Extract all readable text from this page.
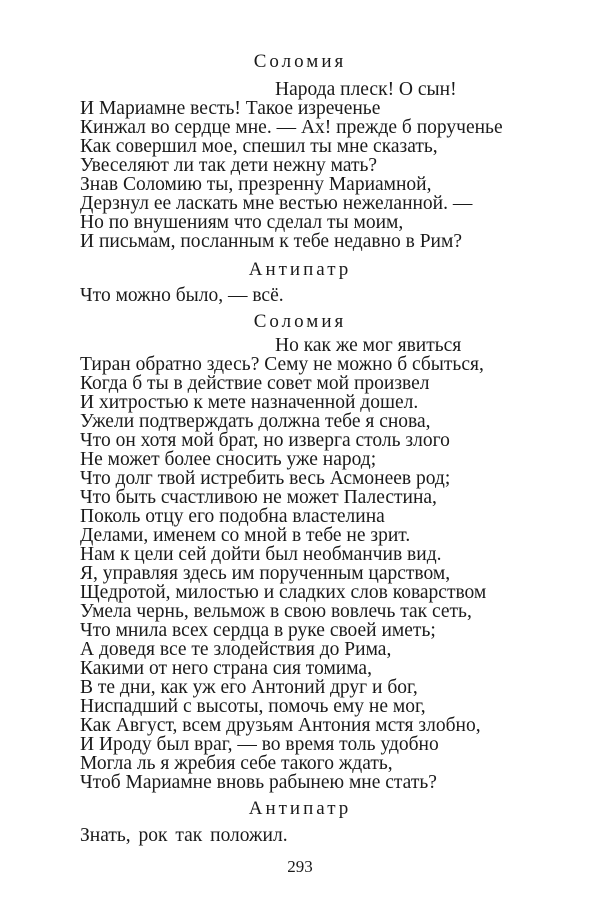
Соломия
Народа плеск! О сын!
И Мариамне весть! Такое изреченье
Кинжал во сердце мне. — Ах! прежде б порученье
Как совершил мое, спешил ты мне сказать,
Увеселяют ли так дети нежну мать?
Знав Соломию ты, презренну Мариамной,
Дерзнул ее ласкать мне вестью нежеланной. —
Но по внушениям что сделал ты моим,
И письмам, посланным к тебе недавно в Рим?
Антипатр
Что можно было, — всё.
Соломия
Но как же мог явиться
Тиран обратно здесь? Сему не можно б сбыться,
Когда б ты в действие совет мой произвел
И хитростью к мете назначенной дошел.
Ужели подтверждать должна тебе я снова,
Что он хотя мой брат, но изверга столь злого
Не может более сносить уже народ;
Что долг твой истребить весь Асмонеев род;
Что быть счастливою не может Палестина,
Поколь отцу его подобна властелина
Делами, именем со мной в тебе не зрит.
Нам к цели сей дойти был необманчив вид.
Я, управляя здесь им порученным царством,
Щедротой, милостью и сладких слов коварством
Умела чернь, вельмож в свою вовлечь так сеть,
Что мнила всех сердца в руке своей иметь;
А доведя все те злодействия до Рима,
Какими от него страна сия томима,
В те дни, как уж его Антоний друг и бог,
Ниспадший с высоты, помочь ему не мог,
Как Август, всем друзьям Антония мстя злобно,
И Ироду был враг, — во время толь удобно
Могла ль я жребия себе такого ждать,
Чтоб Мариамне вновь рабынею мне стать?
Антипатр
Знать, рок так положил.
293
